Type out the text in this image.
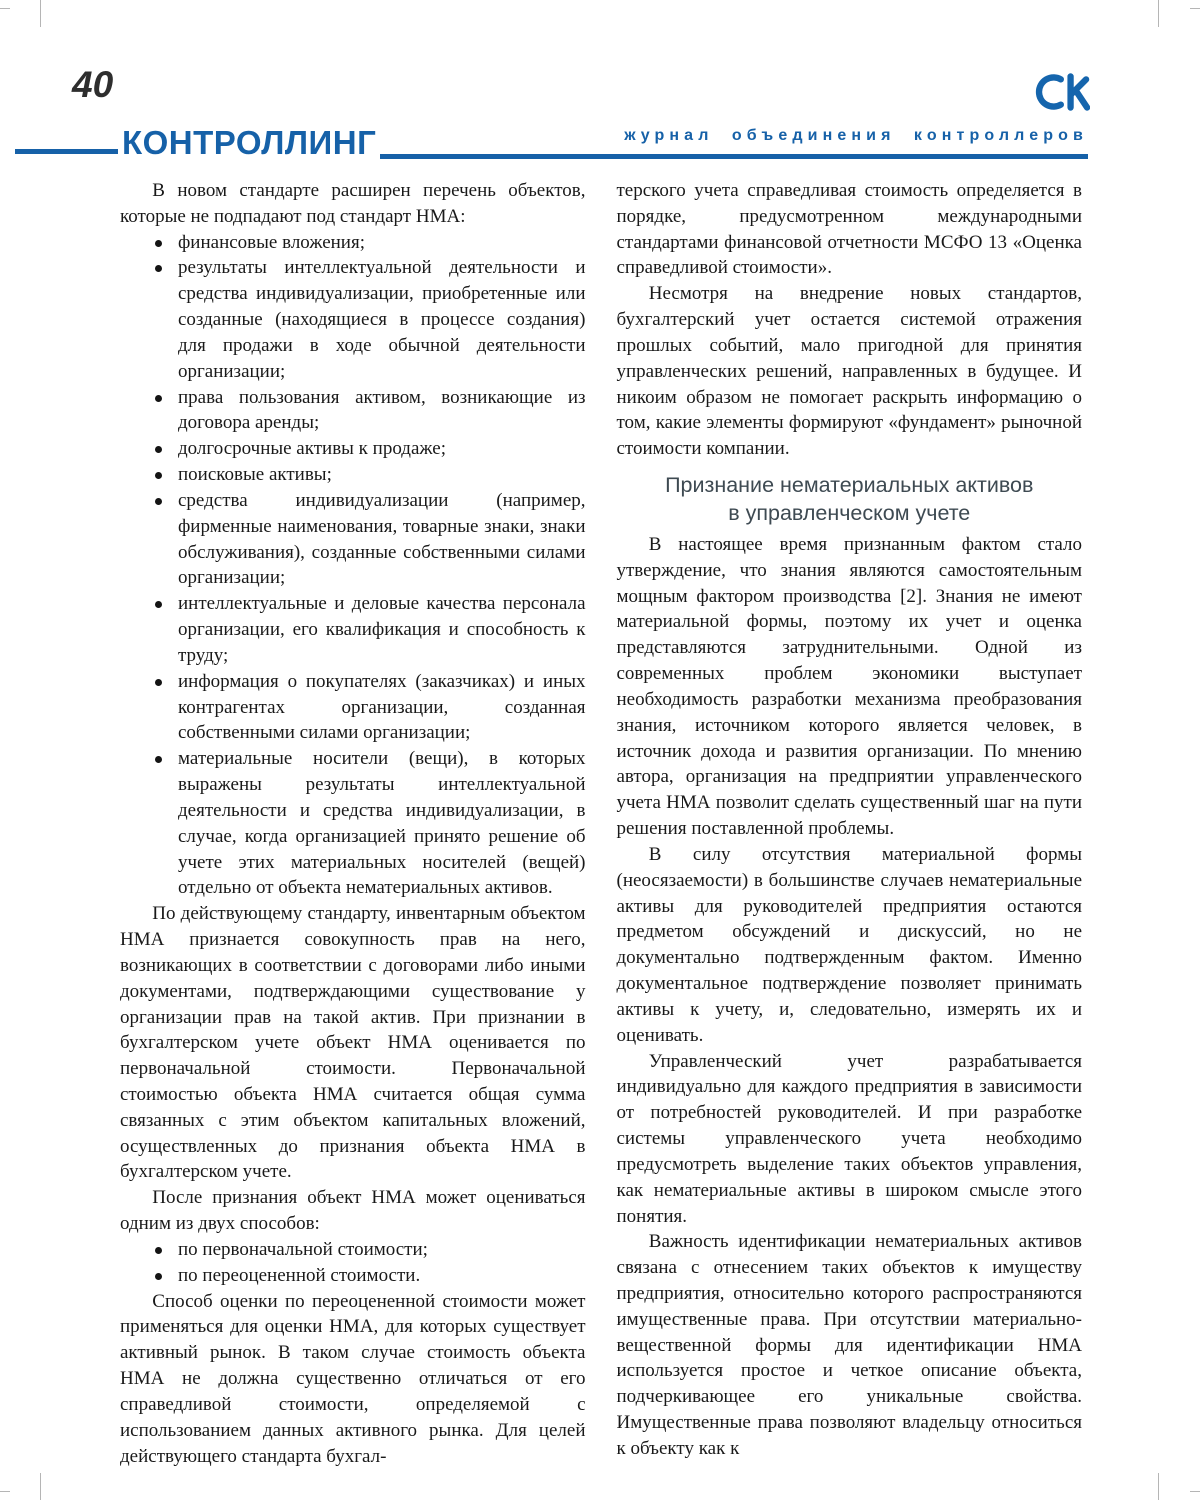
40
КОНТРОЛЛИНГ	журнал объединения контроллеров

В новом стандарте расширен перечень объектов, которые не подпадают под стандарт НМА:

финансовые вложения;
результаты интеллектуальной деятельности и средства индивидуализации, приобретенные или созданные (находящиеся в процессе создания) для продажи в ходе обычной деятельности организации;
права пользования активом, возникающие из договора аренды;
долгосрочные активы к продаже;
поисковые активы;
средства индивидуализации (например, фирменные наименования, товарные знаки, знаки обслуживания), созданные собственными силами организации;
интеллектуальные и деловые качества персонала организации, его квалификация и способность к труду;
информация о покупателях (заказчиках) и иных контрагентах организации, созданная собственными силами организации;
материальные носители (вещи), в которых выражены результаты интеллектуальной деятельности и средства индивидуализации, в случае, когда организацией принято решение об учете этих материальных носителей (вещей) отдельно от объекта нематериальных активов.

По действующему стандарту, инвентарным объектом НМА признается совокупность прав на него, возникающих в соответствии с договорами либо иными документами, подтверждающими существование у организации прав на такой актив. При признании в бухгалтерском учете объект НМА оценивается по первоначальной стоимости. Первоначальной стоимостью объекта НМА считается общая сумма связанных с этим объектом капитальных вложений, осуществленных до признания объекта НМА в бухгалтерском учете.

После признания объект НМА может оцениваться одним из двух способов:

по первоначальной стоимости;
по переоцененной стоимости.

Способ оценки по переоцененной стоимости может применяться для оценки НМА, для которых существует активный рынок. В таком случае стоимость объекта НМА не должна существенно отличаться от его справедливой стоимости, определяемой с использованием данных активного рынка. Для целей действующего стандарта бухгал-

терского учета справедливая стоимость определяется в порядке, предусмотренном международными стандартами финансовой отчетности МСФО 13 «Оценка справедливой стоимости».

Несмотря на внедрение новых стандартов, бухгалтерский учет остается системой отражения прошлых событий, мало пригодной для принятия управленческих решений, направленных в будущее. И никоим образом не помогает раскрыть информацию о том, какие элементы формируют «фундамент» рыночной стоимости компании.

Признание нематериальных активов
в управленческом учете

В настоящее время признанным фактом стало утверждение, что знания являются самостоятельным мощным фактором производства [2]. Знания не имеют материальной формы, поэтому их учет и оценка представляются затруднительными. Одной из современных проблем экономики выступает необходимость разработки механизма преобразования знания, источником которого является человек, в источник дохода и развития организации. По мнению автора, организация на предприятии управленческого учета НМА позволит сделать существенный шаг на пути решения поставленной проблемы.

В силу отсутствия материальной формы (неосязаемости) в большинстве случаев нематериальные активы для руководителей предприятия остаются предметом обсуждений и дискуссий, но не документально подтвержденным фактом. Именно документальное подтверждение позволяет принимать активы к учету, и, следовательно, измерять их и оценивать.

Управленческий учет разрабатывается индивидуально для каждого предприятия в зависимости от потребностей руководителей. И при разработке системы управленческого учета необходимо предусмотреть выделение таких объектов управления, как нематериальные активы в широком смысле этого понятия.

Важность идентификации нематериальных активов связана с отнесением таких объектов к имуществу предприятия, относительно которого распространяются имущественные права. При отсутствии материально-вещественной формы для идентификации НМА используется простое и четкое описание объекта, подчеркивающее его уникальные свойства. Имущественные права позволяют владельцу относиться к объекту как к
